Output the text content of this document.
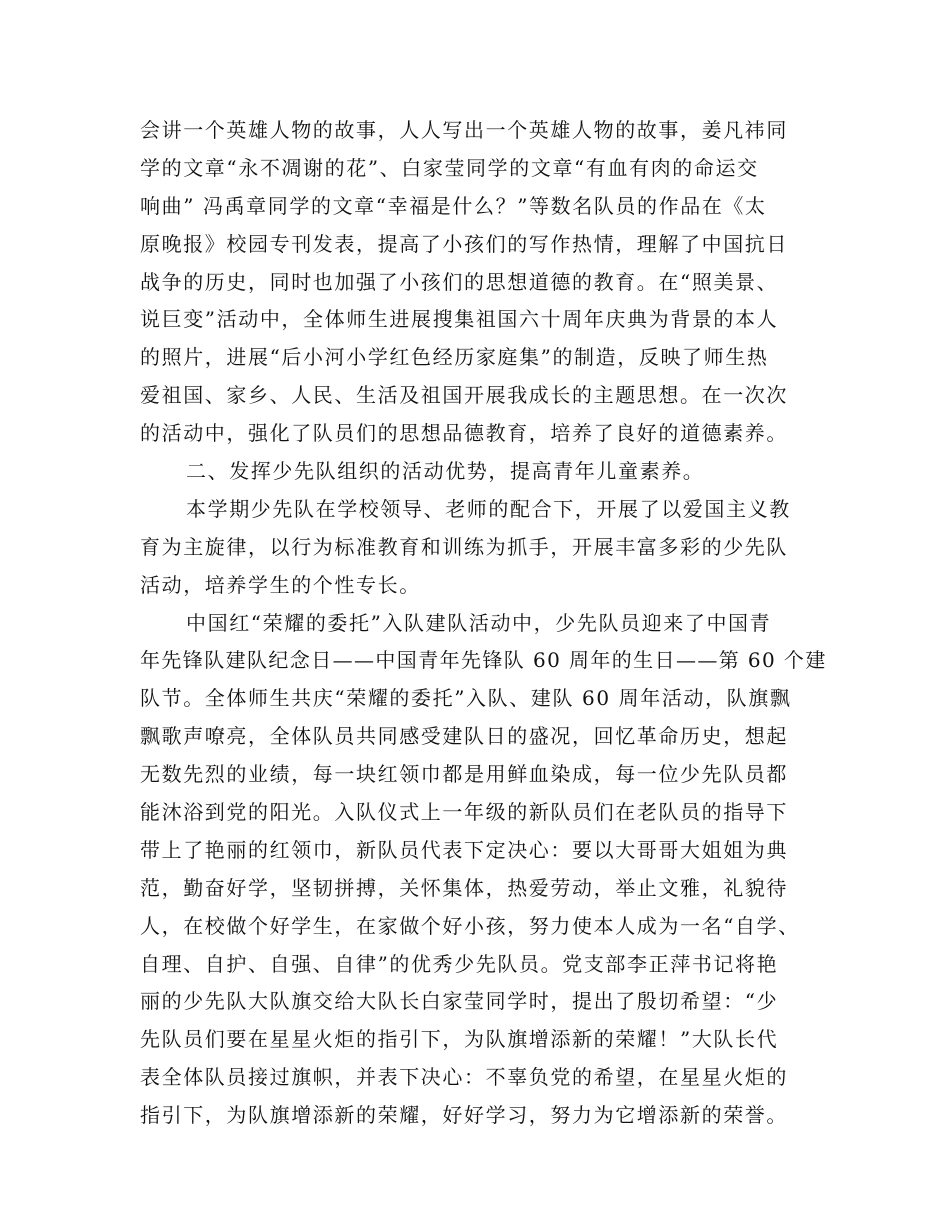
会讲一个英雄人物的故事，人人写出一个英雄人物的故事，姜凡祎同
学的文章“永不凋谢的花”、白家莹同学的文章“有血有肉的命运交
响曲” 冯禹章同学的文章“幸福是什么？”等数名队员的作品在《太
原晚报》校园专刊发表，提高了小孩们的写作热情，理解了中国抗日
战争的历史，同时也加强了小孩们的思想道德的教育。在“照美景、
说巨变”活动中，全体师生进展搜集祖国六十周年庆典为背景的本人
的照片，进展“后小河小学红色经历家庭集”的制造，反映了师生热
爱祖国、家乡、人民、生活及祖国开展我成长的主题思想。在一次次
的活动中，强化了队员们的思想品德教育，培养了良好的道德素养。
二、发挥少先队组织的活动优势，提高青年儿童素养。
本学期少先队在学校领导、老师的配合下，开展了以爱国主义教
育为主旋律，以行为标准教育和训练为抓手，开展丰富多彩的少先队
活动，培养学生的个性专长。
中国红“荣耀的委托”入队建队活动中，少先队员迎来了中国青
年先锋队建队纪念日——中国青年先锋队 60 周年的生日——第 60 个建
队节。全体师生共庆“荣耀的委托”入队、建队 60 周年活动，队旗飘
飘歌声嘹亮，全体队员共同感受建队日的盛况，回忆革命历史，想起
无数先烈的业绩，每一块红领巾都是用鲜血染成，每一位少先队员都
能沐浴到党的阳光。入队仪式上一年级的新队员们在老队员的指导下
带上了艳丽的红领巾，新队员代表下定决心：要以大哥哥大姐姐为典
范，勤奋好学，坚韧拼搏，关怀集体，热爱劳动，举止文雅，礼貌待
人，在校做个好学生，在家做个好小孩，努力使本人成为一名“自学、
自理、自护、自强、自律”的优秀少先队员。党支部李正萍书记将艳
丽的少先队大队旗交给大队长白家莹同学时，提出了殷切希望：“少
先队员们要在星星火炬的指引下，为队旗增添新的荣耀！”大队长代
表全体队员接过旗帜，并表下决心：不辜负党的希望，在星星火炬的
指引下，为队旗增添新的荣耀，好好学习，努力为它增添新的荣誉。
